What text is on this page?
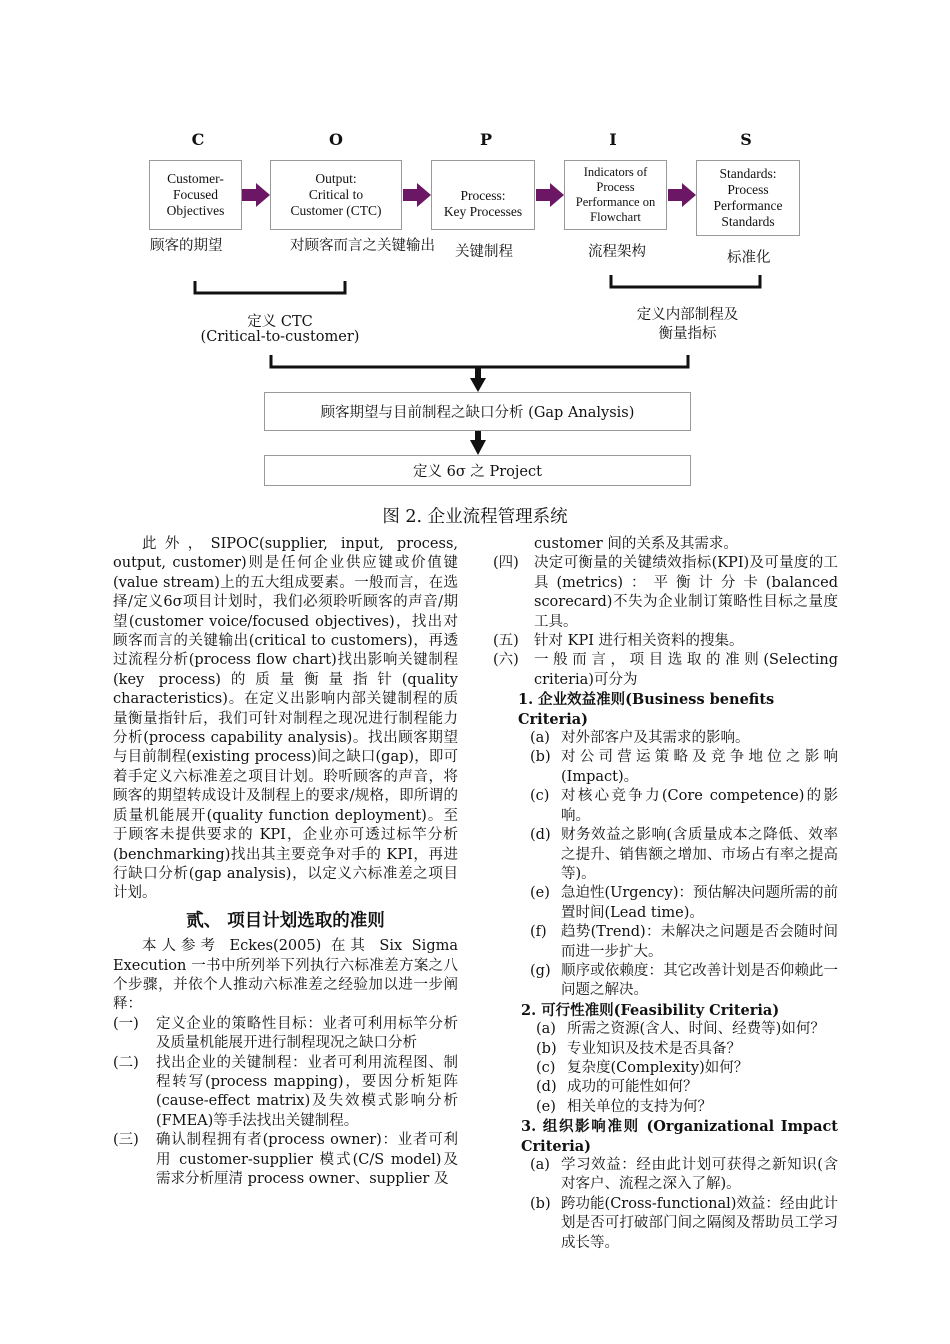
C	O	P	I	S
Customer-
Focused
Objectives
Output:
Critical to
Customer (CTC)
Process:
Key Processes
Indicators of
Process
Performance on Flowchart
Standards:
Process
Performance
Standards
顾客的期望	对顾客而言之关键输出 关键制程	流程架构	标准化
定义 CTC
(Critical-to-customer)
定义内部制程及
衡量指标
顾客期望与目前制程之缺口分析 (Gap Analysis)
定义 6σ 之 Project
图 2. 企业流程管理系统

此外，SIPOC(supplier, input, process, output, customer)则是任何企业供应键或价值键(value stream)上的五大组成要素。一般而言，在选择/定义6σ项目计划时，我们必须聆听顾客的声音/期望(customer voice/focused objectives)，找出对顾客而言的关键输出(critical to customers)，再透过流程分析(process flow chart)找出影响关键制程 (key process)的质量衡量指针(quality characteristics)。在定义出影响内部关键制程的质量衡量指针后，我们可针对制程之现况进行制程能力分析(process capability analysis)。找出顾客期望与目前制程(existing process)间之缺口(gap)，即可着手定义六标准差之项目计划。聆听顾客的声音，将顾客的期望转成设计及制程上的要求/规格，即所谓的质量机能展开(quality function deployment)。至于顾客未提供要求的 KPI，企业亦可透过标竿分析(benchmarking)找出其主要竞争对手的 KPI，再进行缺口分析(gap analysis)，以定义六标准差之项目计划。

贰、 项目计划选取的准则

本人参考 Eckes(2005) 在其 Six Sigma Execution 一书中所列举下列执行六标准差方案之八个步骤，并依个人推动六标准差之经验加以进一步阐释：

(一)	定义企业的策略性目标：业者可利用标竿分析及质量机能展开进行制程现况之缺口分析
(二)	找出企业的关键制程：业者可利用流程图、制程转写(process mapping)，要因分析矩阵(cause-effect matrix)及失效模式影响分析(FMEA)等手法找出关键制程。
(三)	确认制程拥有者(process owner)：业者可利用 customer-supplier 模式(C/S model)及需求分析厘清 process owner、supplier 及

customer 间的关系及其需求。

(四)	决定可衡量的关键绩效指标(KPI)及可量度的工具(metrics)：平衡计分卡(balanced scorecard)不失为企业制订策略性目标之量度工具。
(五)	针对 KPI 进行相关资料的搜集。
(六)	一般而言，项目选取的准则(Selecting criteria)可分为
1. 企业效益准则(Business benefits Criteria)
(a) 对外部客户及其需求的影响。
(b) 对公司营运策略及竞争地位之影响(Impact)。
(c) 对核心竞争力(Core competence)的影响。
(d) 财务效益之影响(含质量成本之降低、效率之提升、销售额之增加、市场占有率之提高等)。
(e) 急迫性(Urgency)：预估解决问题所需的前置时间(Lead time)。
(f) 趋势(Trend)：未解决之问题是否会随时间而进一步扩大。
(g) 顺序或依赖度：其它改善计划是否仰赖此一问题之解决。
2. 可行性准则(Feasibility Criteria)
(a) 所需之资源(含人、时间、经费等)如何？
(b) 专业知识及技术是否具备？
(c) 复杂度(Complexity)如何？
(d) 成功的可能性如何？
(e) 相关单位的支持为何？
3. 组织影响准则 (Organizational Impact Criteria)
(a) 学习效益：经由此计划可获得之新知识(含对客户、流程之深入了解)。
(b) 跨功能(Cross-functional)效益：经由此计划是否可打破部门间之隔阂及帮助员工学习成长等。
